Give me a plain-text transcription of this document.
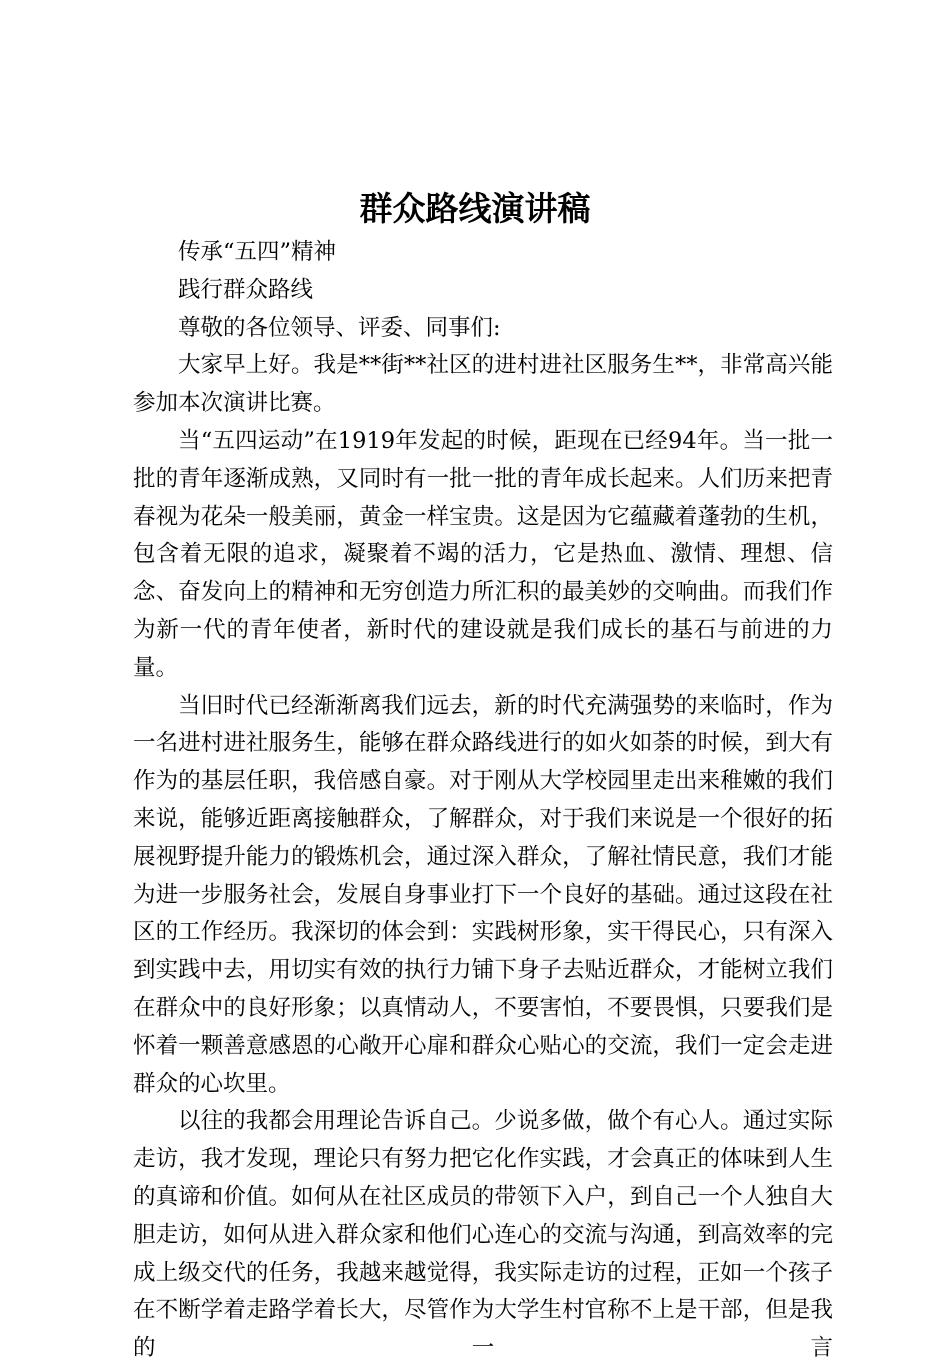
群众路线演讲稿

传承“五四”精神

践行群众路线

尊敬的各位领导、评委、同事们:

大家早上好。我是**街**社区的进村进社区服务生**，非常高兴能参加本次演讲比赛。

当“五四运动”在1919年发起的时候，距现在已经94年。当一批一批的青年逐渐成熟，又同时有一批一批的青年成长起来。人们历来把青春视为花朵一般美丽，黄金一样宝贵。这是因为它蕴藏着蓬勃的生机，包含着无限的追求，凝聚着不竭的活力，它是热血、激情、理想、信念、奋发向上的精神和无穷创造力所汇积的最美妙的交响曲。而我们作为新一代的青年使者，新时代的建设就是我们成长的基石与前进的力量。

当旧时代已经渐渐离我们远去，新的时代充满强势的来临时，作为一名进村进社服务生，能够在群众路线进行的如火如荼的时候，到大有作为的基层任职，我倍感自豪。对于刚从大学校园里走出来稚嫩的我们来说，能够近距离接触群众，了解群众，对于我们来说是一个很好的拓展视野提升能力的锻炼机会，通过深入群众，了解社情民意，我们才能为进一步服务社会，发展自身事业打下一个良好的基础。通过这段在社区的工作经历。我深切的体会到：实践树形象，实干得民心，只有深入到实践中去，用切实有效的执行力铺下身子去贴近群众，才能树立我们在群众中的良好形象；以真情动人，不要害怕，不要畏惧，只要我们是怀着一颗善意感恩的心敞开心扉和群众心贴心的交流，我们一定会走进群众的心坎里。

以往的我都会用理论告诉自己。少说多做，做个有心人。通过实际走访，我才发现，理论只有努力把它化作实践，才会真正的体味到人生的真谛和价值。如何从在社区成员的带领下入户，到自己一个人独自大胆走访，如何从进入群众家和他们心连心的交流与沟通，到高效率的完成上级交代的任务，我越来越觉得，我实际走访的过程，正如一个孩子在不断学着走路学着长大，尽管作为大学生村官称不上是干部，但是我的一言
